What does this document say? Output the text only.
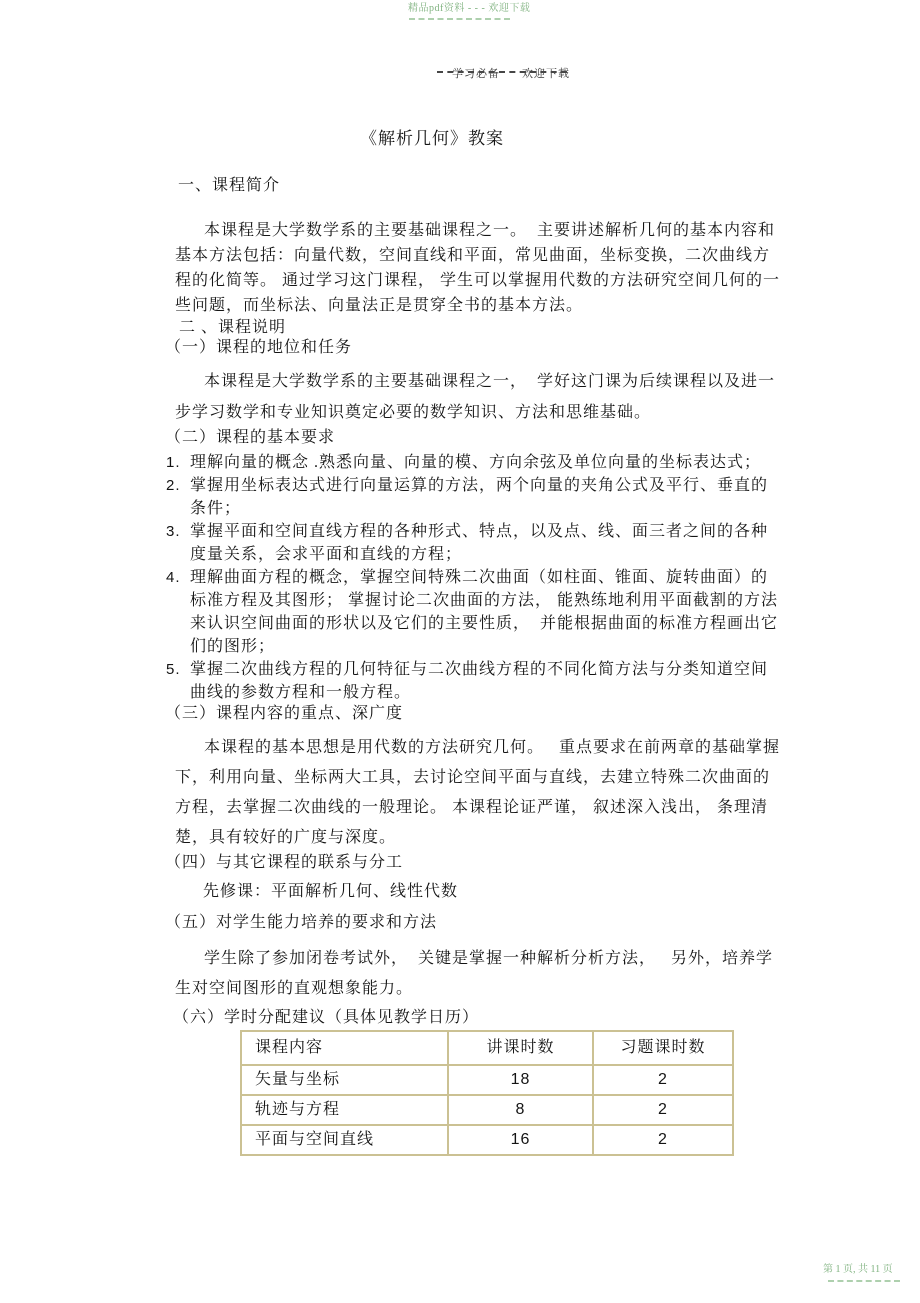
精品pdf资料 - - - 欢迎下载

学习必备 欢迎下载

《解析几何》教案
一、课程简介

本课程是大学数学系的主要基础课程之一。  主要讲述解析几何的基本内容和基本方法包括：向量代数，空间直线和平面，常见曲面，坐标变换，二次曲线方程的化简等。 通过学习这门课程， 学生可以掌握用代数的方法研究空间几何的一些问题，而坐标法、向量法正是贯穿全书的基本方法。

二 、课程说明
（一）课程的地位和任务

本课程是大学数学系的主要基础课程之一，  学好这门课为后续课程以及进一步学习数学和专业知识奠定必要的数学知识、方法和思维基础。

（二）课程的基本要求
1. 理解向量的概念 .熟悉向量、向量的模、方向余弦及单位向量的坐标表达式；
2. 掌握用坐标表达式进行向量运算的方法，两个向量的夹角公式及平行、垂直的条件；
3. 掌握平面和空间直线方程的各种形式、特点，以及点、线、面三者之间的各种度量关系，会求平面和直线的方程；
4. 理解曲面方程的概念，掌握空间特殊二次曲面（如柱面、锥面、旋转曲面）的标准方程及其图形； 掌握讨论二次曲面的方法， 能熟练地利用平面截割的方法来认识空间曲面的形状以及它们的主要性质，  并能根据曲面的标准方程画出它们的图形；
5. 掌握二次曲线方程的几何特征与二次曲线方程的不同化简方法与分类知道空间曲线的参数方程和一般方程。
（三）课程内容的重点、深广度

本课程的基本思想是用代数的方法研究几何。   重点要求在前两章的基础掌握下，利用向量、坐标两大工具，去讨论空间平面与直线，去建立特殊二次曲面的方程，去掌握二次曲线的一般理论。 本课程论证严谨， 叙述深入浅出， 条理清楚，具有较好的广度与深度。

（四）与其它课程的联系与分工
先修课：平面解析几何、线性代数
（五）对学生能力培养的要求和方法

学生除了参加闭卷考试外，  关键是掌握一种解析分析方法，   另外，培养学生对空间图形的直观想象能力。

（六）学时分配建议（具体见教学日历）
课程内容	讲课时数	习题课时数
矢量与坐标	18	2
轨迹与方程	8	2
平面与空间直线	16	2
第 1 页, 共 11 页
